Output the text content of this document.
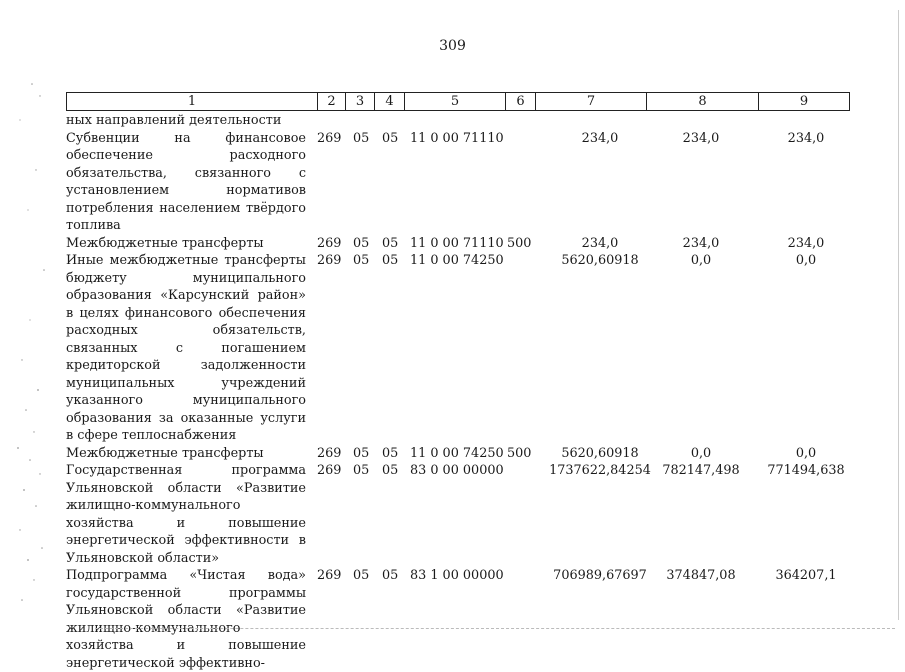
309
1	2	3	4	5	6	7	8	9
ных направлений деятельности
Субвенции на финансовое обеспечение расходного обязательства, связанного с установлением нормативов потребления населением твёрдого топлива
269 05 05 11 0 00 71110	234,0	234,0	234,0
Межбюджетные трансферты	269 05 05 11 0 00 71110 500	234,0	234,0	234,0
Иные межбюджетные трансферты бюджету муниципального образования «Карсунский район» в целях финансового обеспечения расходных обязательств, связанных с погашением кредиторской задолженности муниципальных учреждений указанного муниципального образования за оказанные услуги в сфере теплоснабжения
269 05 05 11 0 00 74250	5620,60918	0,0	0,0
Межбюджетные трансферты	269 05 05 11 0 00 74250 500	5620,60918	0,0	0,0
Государственная программа Ульяновской области «Развитие жилищно-коммунального хозяйства и повышение энергетической эффективности в Ульяновской области»
269 05 05 83 0 00 00000	1737622,84254 782147,498	771494,638
Подпрограмма «Чистая вода» государственной программы Ульяновской области «Развитие жилищно-коммунального хозяйства и повышение энергетической эффективно-
269 05 05 83 1 00 00000	706989,67697	374847,08	364207,1
